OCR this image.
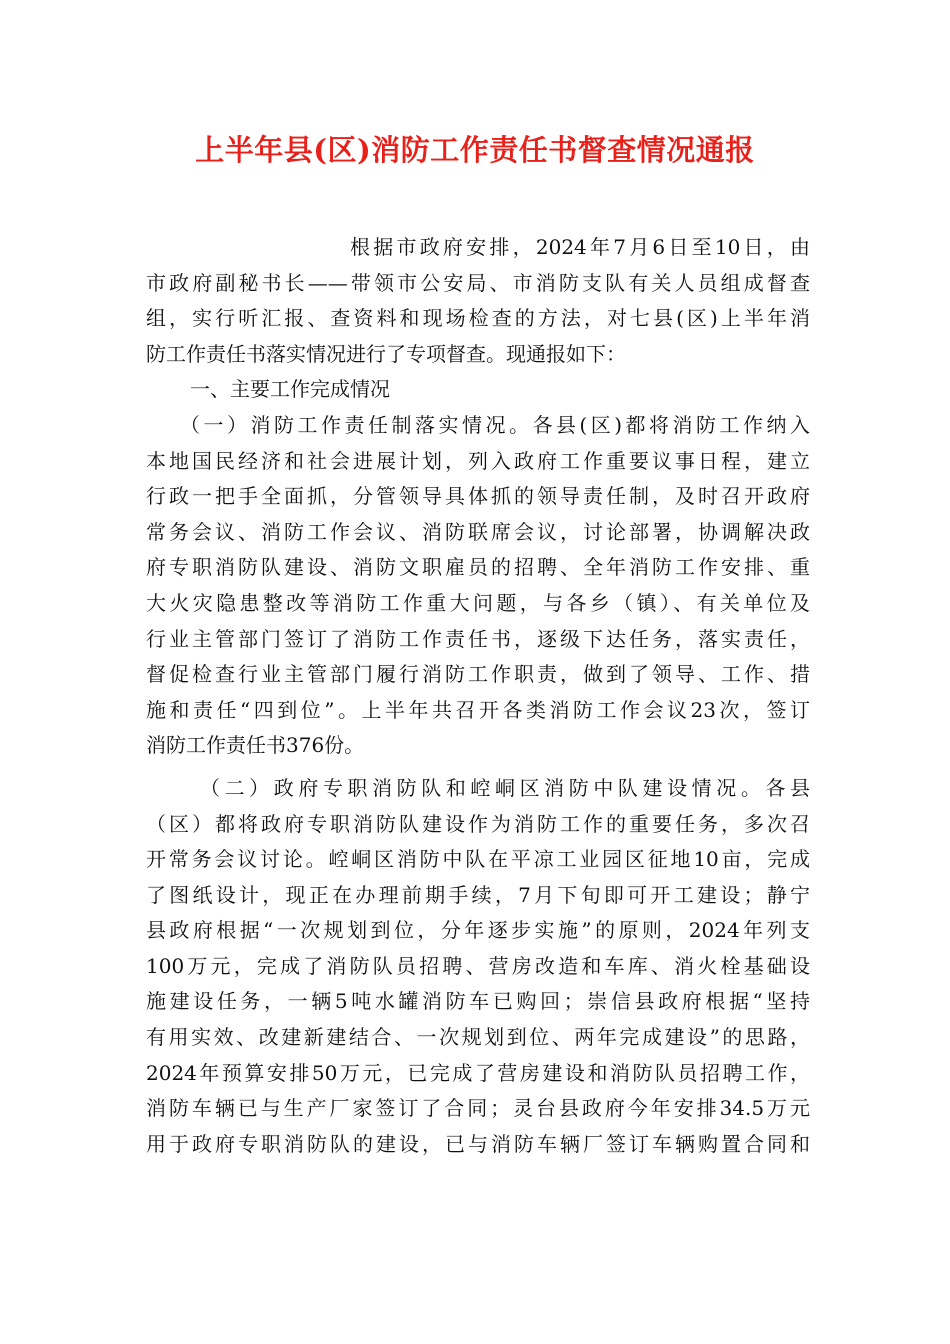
上半年县(区)消防工作责任书督查情况通报
根据市政府安排，2024年7月6日至10日，由
市政府副秘书长——带领市公安局、市消防支队有关人员组成督查
组，实行听汇报、查资料和现场检查的方法，对七县(区)上半年消
防工作责任书落实情况进行了专项督查。现通报如下：
一、主要工作完成情况
（一）消防工作责任制落实情况。各县(区)都将消防工作纳入
本地国民经济和社会进展计划，列入政府工作重要议事日程，建立
行政一把手全面抓，分管领导具体抓的领导责任制，及时召开政府
常务会议、消防工作会议、消防联席会议，讨论部署，协调解决政
府专职消防队建设、消防文职雇员的招聘、全年消防工作安排、重
大火灾隐患整改等消防工作重大问题，与各乡（镇）、有关单位及
行业主管部门签订了消防工作责任书，逐级下达任务，落实责任，
督促检查行业主管部门履行消防工作职责，做到了领导、工作、措
施和责任“四到位”。上半年共召开各类消防工作会议23次，签订
消防工作责任书376份。
（二）政府专职消防队和崆峒区消防中队建设情况。各县
（区）都将政府专职消防队建设作为消防工作的重要任务，多次召
开常务会议讨论。崆峒区消防中队在平凉工业园区征地10亩，完成
了图纸设计，现正在办理前期手续，7月下旬即可开工建设；静宁
县政府根据“一次规划到位，分年逐步实施”的原则，2024年列支
100万元，完成了消防队员招聘、营房改造和车库、消火栓基础设
施建设任务，一辆5吨水罐消防车已购回；崇信县政府根据“坚持
有用实效、改建新建结合、一次规划到位、两年完成建设”的思路，
2024年预算安排50万元，已完成了营房建设和消防队员招聘工作，
消防车辆已与生产厂家签订了合同；灵台县政府今年安排34.5万元
用于政府专职消防队的建设，已与消防车辆厂签订车辆购置合同和
